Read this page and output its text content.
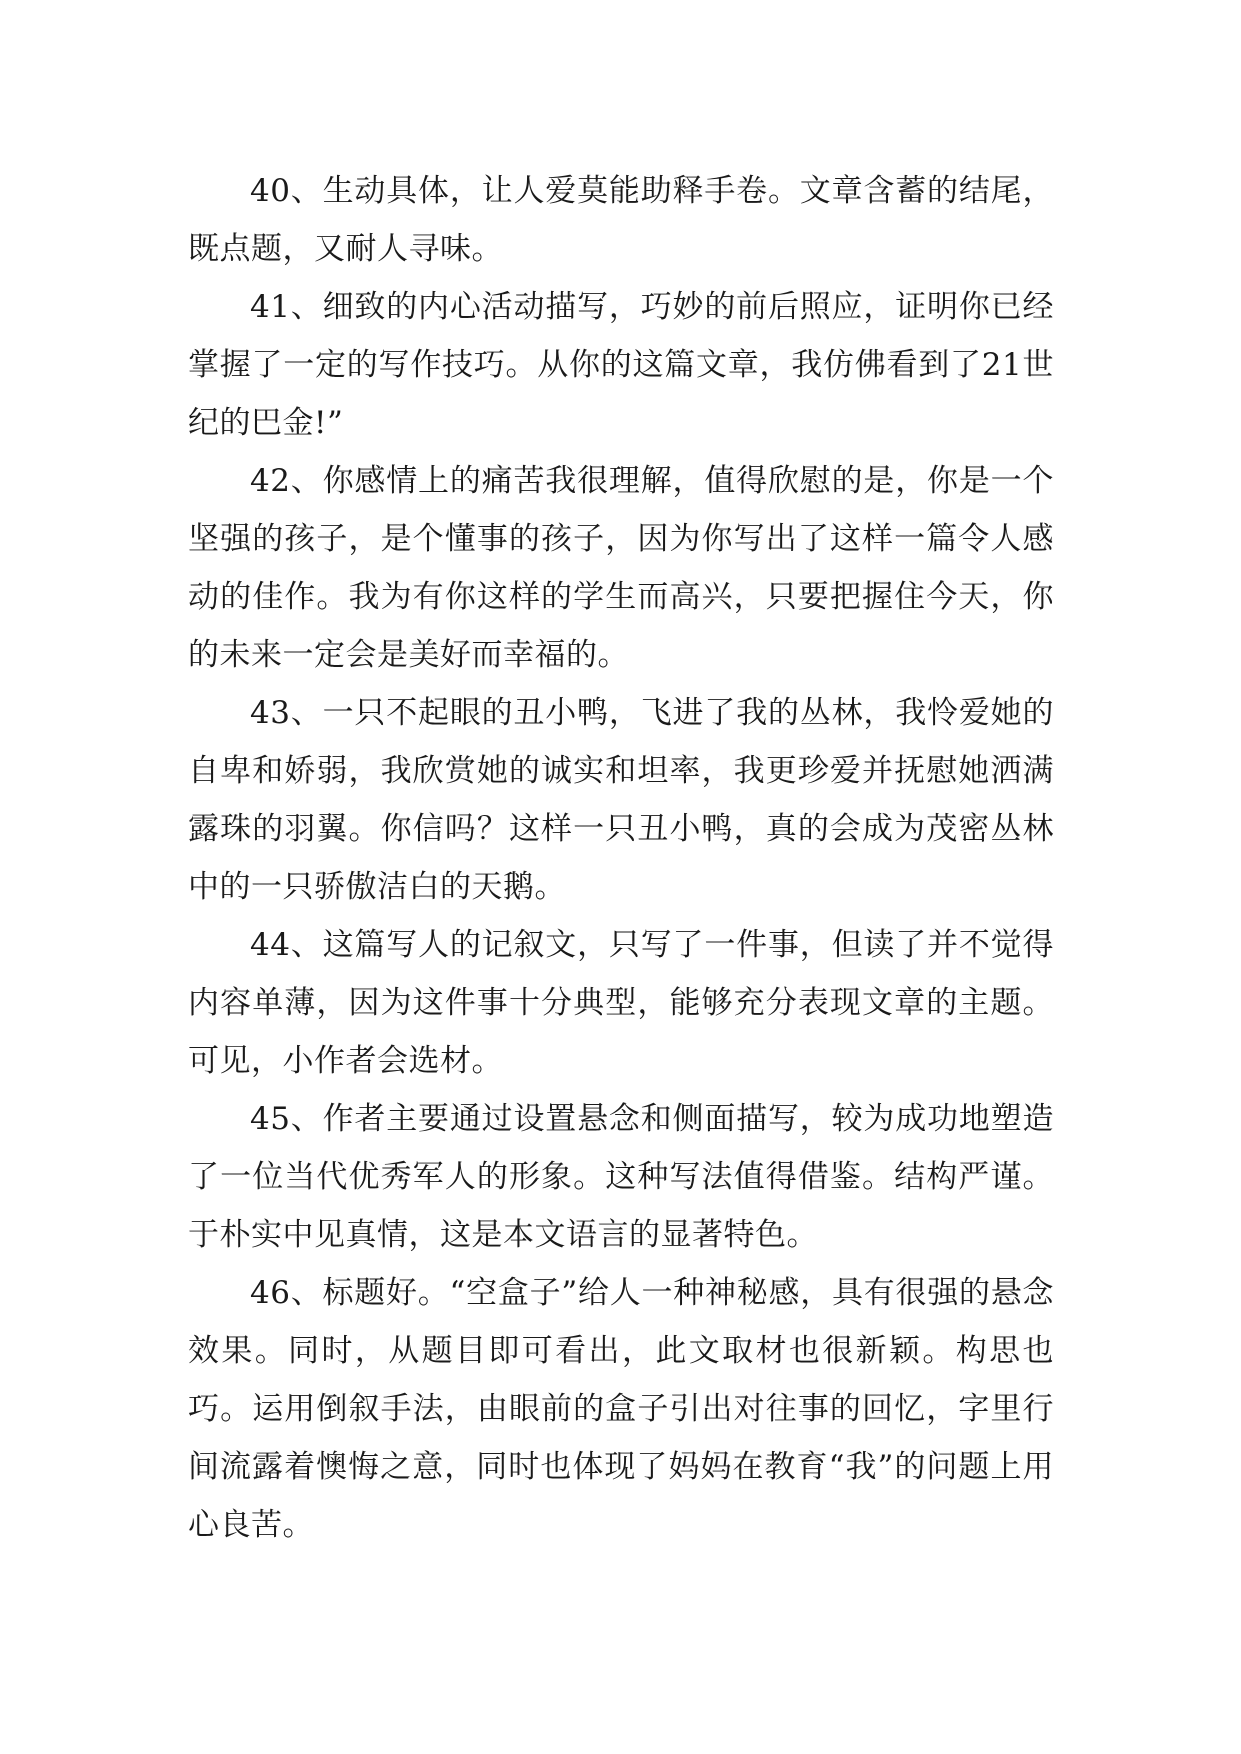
40、生动具体，让人爱莫能助释手卷。文章含蓄的结尾，既点题，又耐人寻味。

41、细致的内心活动描写，巧妙的前后照应，证明你已经掌握了一定的写作技巧。从你的这篇文章，我仿佛看到了21世纪的巴金!”

42、你感情上的痛苦我很理解，值得欣慰的是，你是一个坚强的孩子，是个懂事的孩子，因为你写出了这样一篇令人感动的佳作。我为有你这样的学生而高兴，只要把握住今天，你的未来一定会是美好而幸福的。

43、一只不起眼的丑小鸭，飞进了我的丛林，我怜爱她的自卑和娇弱，我欣赏她的诚实和坦率，我更珍爱并抚慰她洒满露珠的羽翼。你信吗？这样一只丑小鸭，真的会成为茂密丛林中的一只骄傲洁白的天鹅。

44、这篇写人的记叙文，只写了一件事，但读了并不觉得内容单薄，因为这件事十分典型，能够充分表现文章的主题。可见，小作者会选材。

45、作者主要通过设置悬念和侧面描写，较为成功地塑造了一位当代优秀军人的形象。这种写法值得借鉴。结构严谨。于朴实中见真情，这是本文语言的显著特色。

46、标题好。“空盒子”给人一种神秘感，具有很强的悬念效果。同时，从题目即可看出，此文取材也很新颖。构思也巧。运用倒叙手法，由眼前的盒子引出对往事的回忆，字里行间流露着懊悔之意，同时也体现了妈妈在教育“我”的问题上用心良苦。
